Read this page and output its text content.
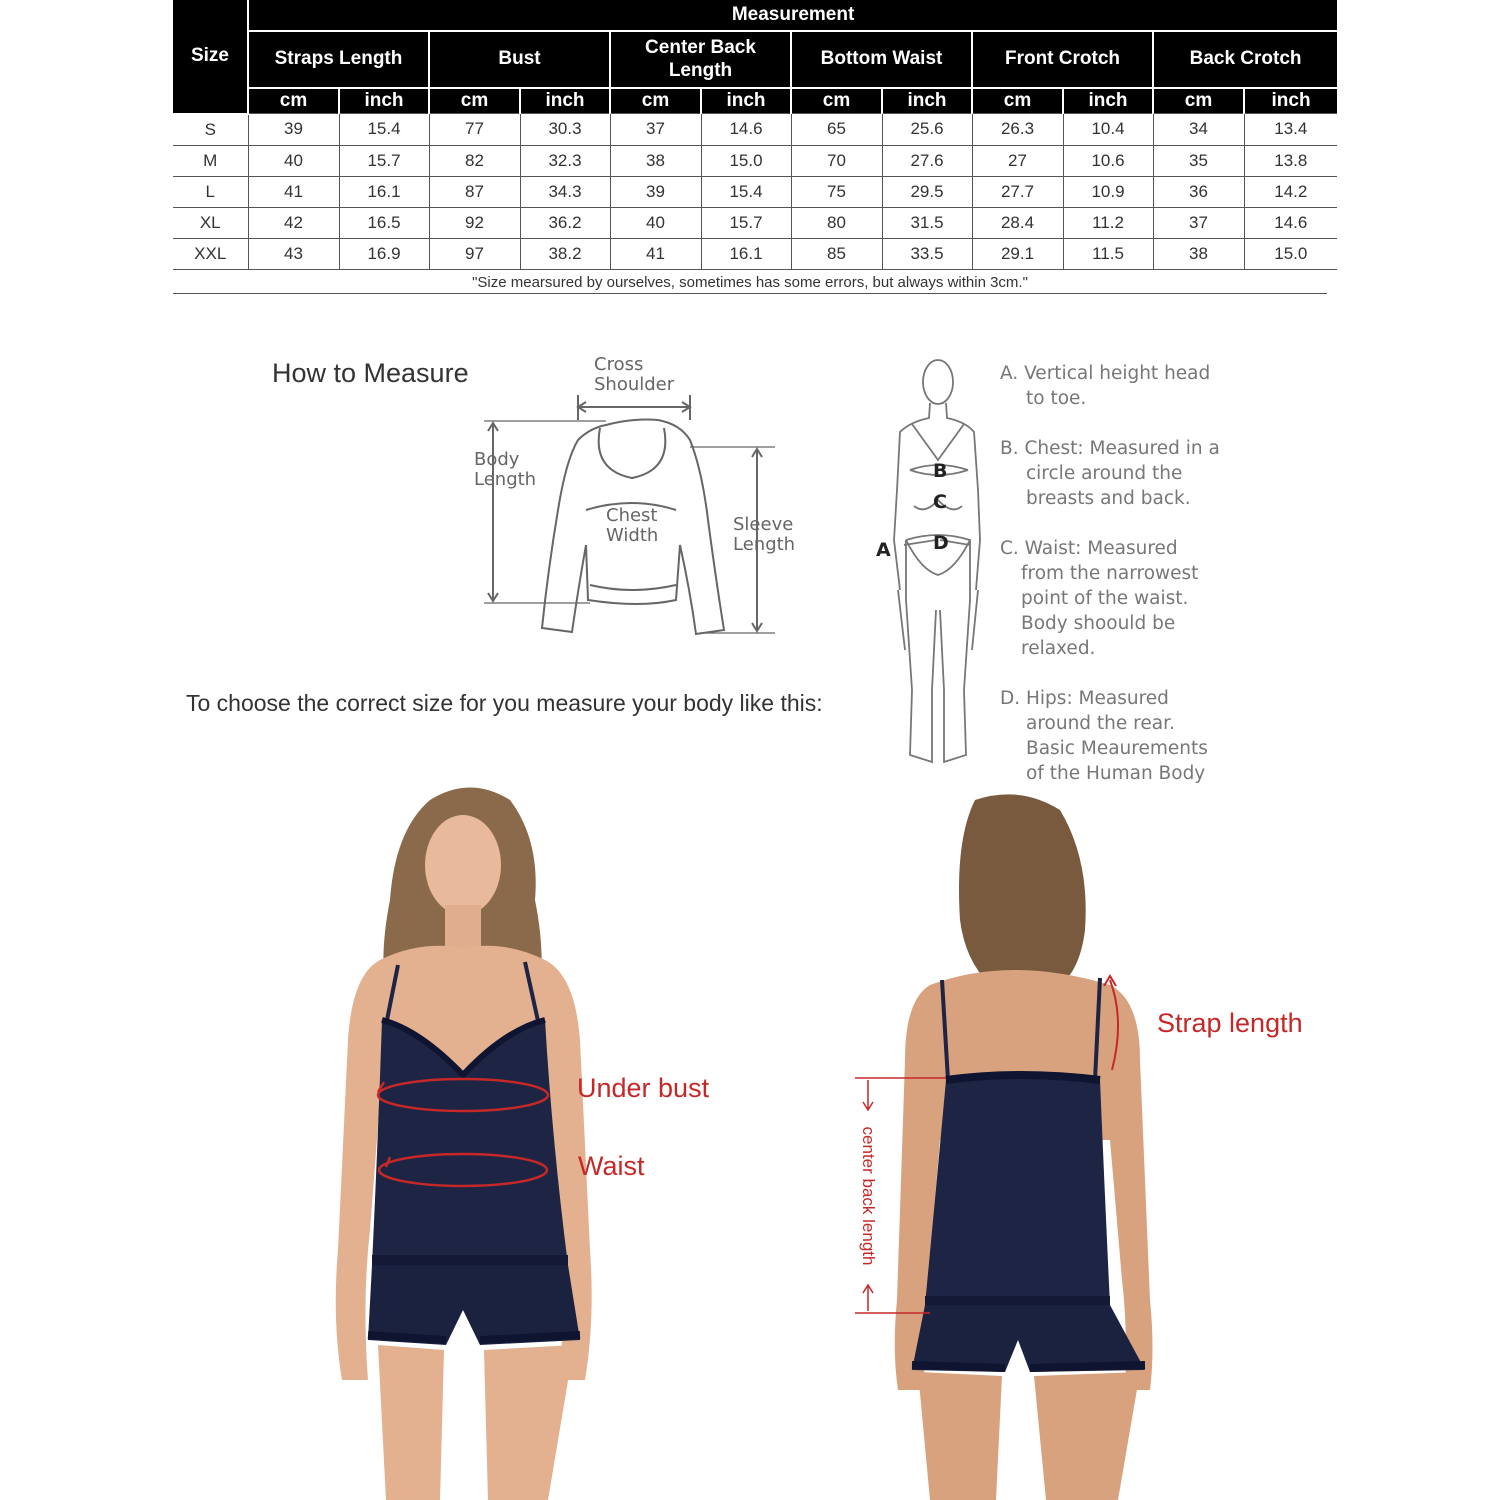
Size	Measurement											
	Straps Length		Bust		Center Back Length		Bottom Waist		Front Crotch		Back Crotch	
	cm	inch	cm	inch	cm	inch	cm	inch	cm	inch	cm	inch
S	39	15.4	77	30.3	37	14.6	65	25.6	26.3	10.4	34	13.4
M	40	15.7	82	32.3	38	15.0	70	27.6	27	10.6	35	13.8
L	41	16.1	87	34.3	39	15.4	75	29.5	27.7	10.9	36	14.2
XL	42	16.5	92	36.2	40	15.7	80	31.5	28.4	11.2	37	14.6
XXL	43	16.9	97	38.2	41	16.1	85	33.5	29.1	11.5	38	15.0
"Size mearsured by ourselves, sometimes has some errors, but always within 3cm."
How to Measure	Cross
Shoulder
Body
Length
Chest
Width
Sleeve
Length
To choose the correct size for you measure your body like this:
B
C
D
A
A. Vertical height head
to toe.
B. Chest: Measured in a
circle around the
breasts and back.
C. Waist: Measured
from the narrowest
point of the waist.
Body shoould be
relaxed.
D. Hips: Measured
around the rear.
Basic Meaurements
of the Human Body
Under bust
Waist
Strap length
center back length
